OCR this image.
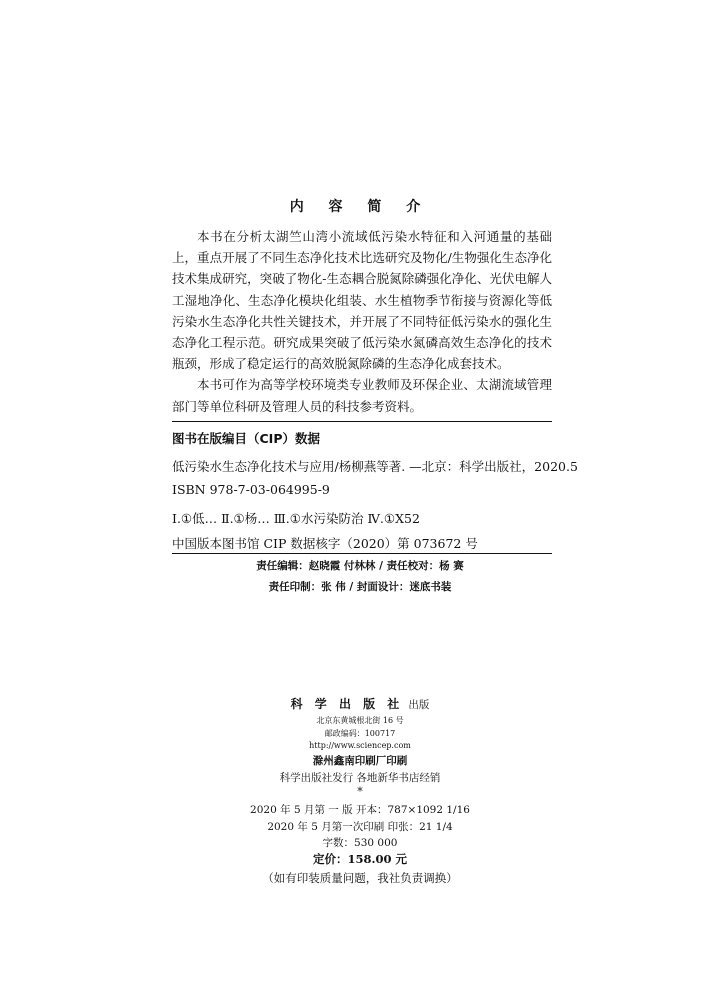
内 容 简 介

本书在分析太湖竺山湾小流域低污染水特征和入河通量的基础上，重点开展了不同生态净化技术比选研究及物化/生物强化生态净化技术集成研究，突破了物化-生态耦合脱氮除磷强化净化、光伏电解人工湿地净化、生态净化模块化组装、水生植物季节衔接与资源化等低污染水生态净化共性关键技术，并开展了不同特征低污染水的强化生态净化工程示范。研究成果突破了低污染水氮磷高效生态净化的技术瓶颈，形成了稳定运行的高效脱氮除磷的生态净化成套技术。

本书可作为高等学校环境类专业教师及环保企业、太湖流域管理部门等单位科研及管理人员的科技参考资料。

图书在版编目（CIP）数据
低污染水生态净化技术与应用/杨柳燕等著. —北京：科学出版社，2020.5
ISBN 978-7-03-064995-9
Ⅰ.①低… Ⅱ.①杨… Ⅲ.①水污染防治 Ⅳ.①X52
中国版本图书馆 CIP 数据核字（2020）第 073672 号
责任编辑：赵晓霞 付林林 / 责任校对：杨 赛
责任印制：张 伟 / 封面设计：迷底书装
科 学 出 版 社 出版
北京东黄城根北街 16 号
邮政编码：100717
http://www.sciencep.com
滁州鑫南印刷厂印刷
科学出版社发行 各地新华书店经销
*
2020 年 5 月第 一 版 开本：787×1092 1/16
2020 年 5 月第一次印刷 印张：21 1/4
字数：530 000
定价：158.00 元
（如有印装质量问题，我社负责调换）
